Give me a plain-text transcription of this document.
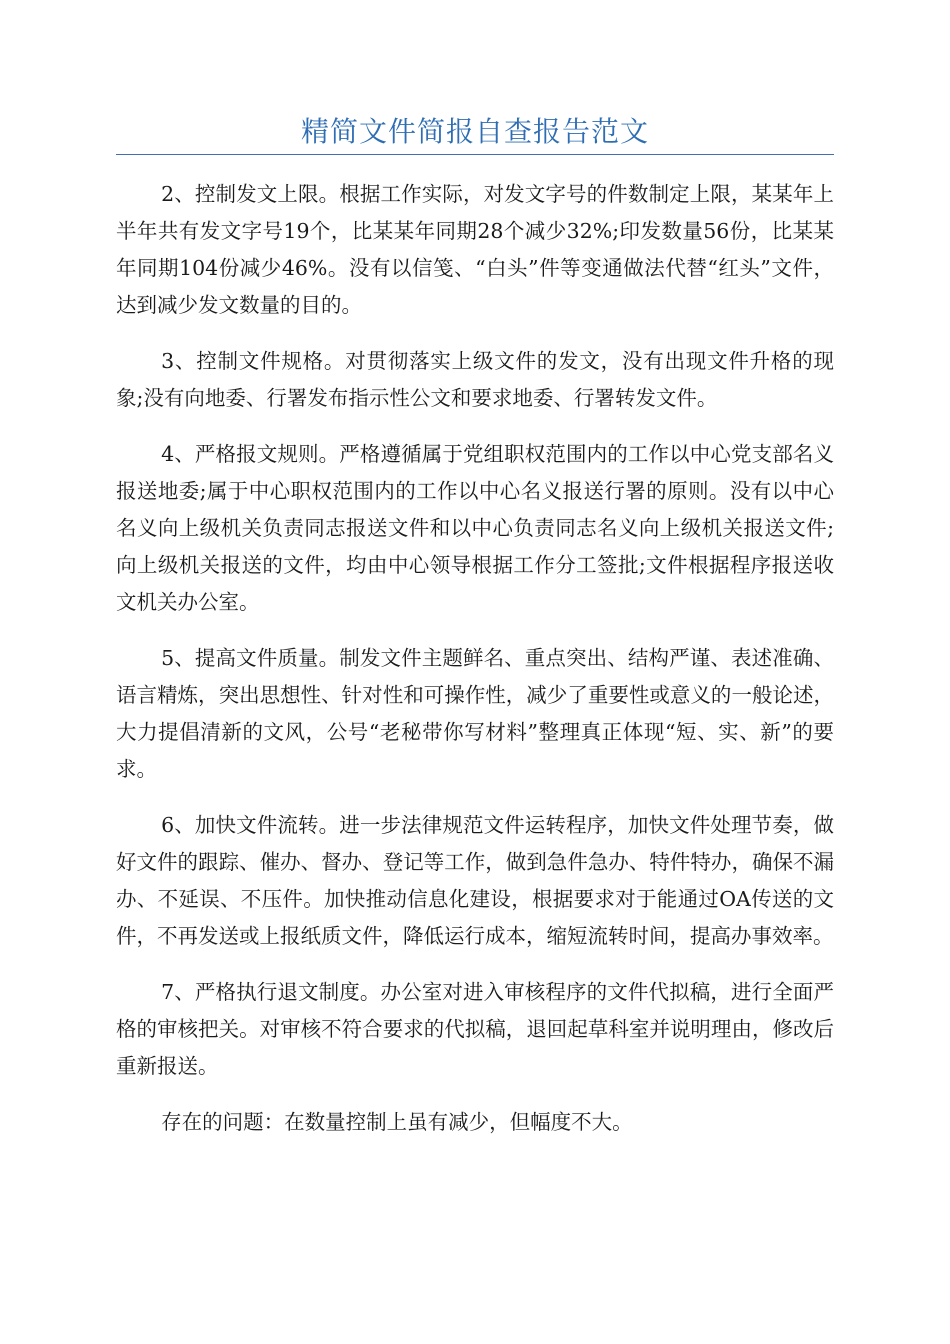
精简文件简报自查报告范文

2、控制发文上限。根据工作实际，对发文字号的件数制定上限，某某年上半年共有发文字号19个，比某某年同期28个减少32%;印发数量56份，比某某年同期104份减少46%。没有以信笺、“白头”件等变通做法代替“红头”文件，达到减少发文数量的目的。

3、控制文件规格。对贯彻落实上级文件的发文，没有出现文件升格的现象;没有向地委、行署发布指示性公文和要求地委、行署转发文件。

4、严格报文规则。严格遵循属于党组职权范围内的工作以中心党支部名义报送地委;属于中心职权范围内的工作以中心名义报送行署的原则。没有以中心名义向上级机关负责同志报送文件和以中心负责同志名义向上级机关报送文件;向上级机关报送的文件，均由中心领导根据工作分工签批;文件根据程序报送收文机关办公室。

5、提高文件质量。制发文件主题鲜名、重点突出、结构严谨、表述准确、语言精炼，突出思想性、针对性和可操作性，减少了重要性或意义的一般论述，大力提倡清新的文风，公号“老秘带你写材料”整理真正体现“短、实、新”的要求。

6、加快文件流转。进一步法律规范文件运转程序，加快文件处理节奏，做好文件的跟踪、催办、督办、登记等工作，做到急件急办、特件特办，确保不漏办、不延误、不压件。加快推动信息化建设，根据要求对于能通过OA传送的文件，不再发送或上报纸质文件，降低运行成本，缩短流转时间，提高办事效率。

7、严格执行退文制度。办公室对进入审核程序的文件代拟稿，进行全面严格的审核把关。对审核不符合要求的代拟稿，退回起草科室并说明理由，修改后重新报送。

存在的问题：在数量控制上虽有减少，但幅度不大。
